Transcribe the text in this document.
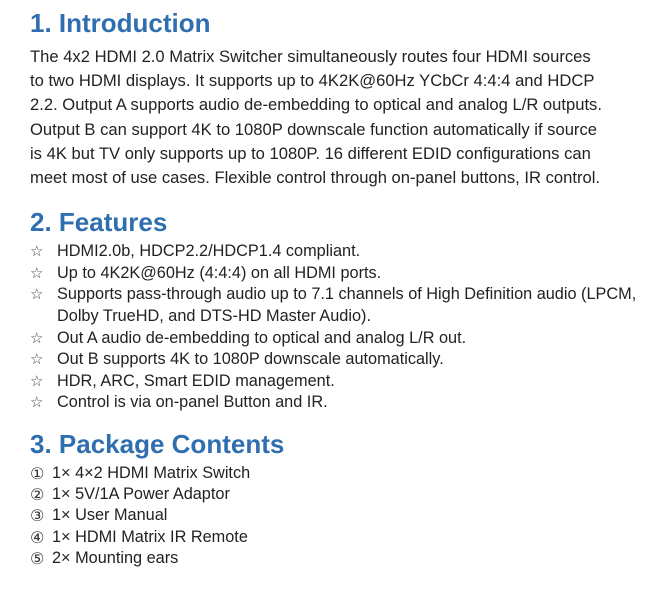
1. Introduction
The 4x2 HDMI 2.0 Matrix Switcher simultaneously routes four HDMI sources
to two HDMI displays. It supports up to 4K2K@60Hz YCbCr 4:4:4 and HDCP
2.2. Output A supports audio de-embedding to optical and analog L/R outputs.
Output B can support 4K to 1080P downscale function automatically if source
is 4K but TV only supports up to 1080P. 16 different EDID configurations can
meet most of use cases. Flexible control through on-panel buttons, IR control.
2. Features
☆ HDMI2.0b, HDCP2.2/HDCP1.4 compliant.
☆ Up to 4K2K@60Hz (4:4:4) on all HDMI ports.
☆ Supports pass-through audio up to 7.1 channels of High Definition audio (LPCM, Dolby TrueHD, and DTS-HD Master Audio).
☆ Out A audio de-embedding to optical and analog L/R out.
☆ Out B supports 4K to 1080P downscale automatically.
☆ HDR, ARC, Smart EDID management.
☆ Control is via on-panel Button and IR.
3. Package Contents
① 1× 4×2 HDMI Matrix Switch
② 1× 5V/1A Power Adaptor
③ 1× User Manual
④ 1× HDMI Matrix IR Remote
⑤ 2× Mounting ears
